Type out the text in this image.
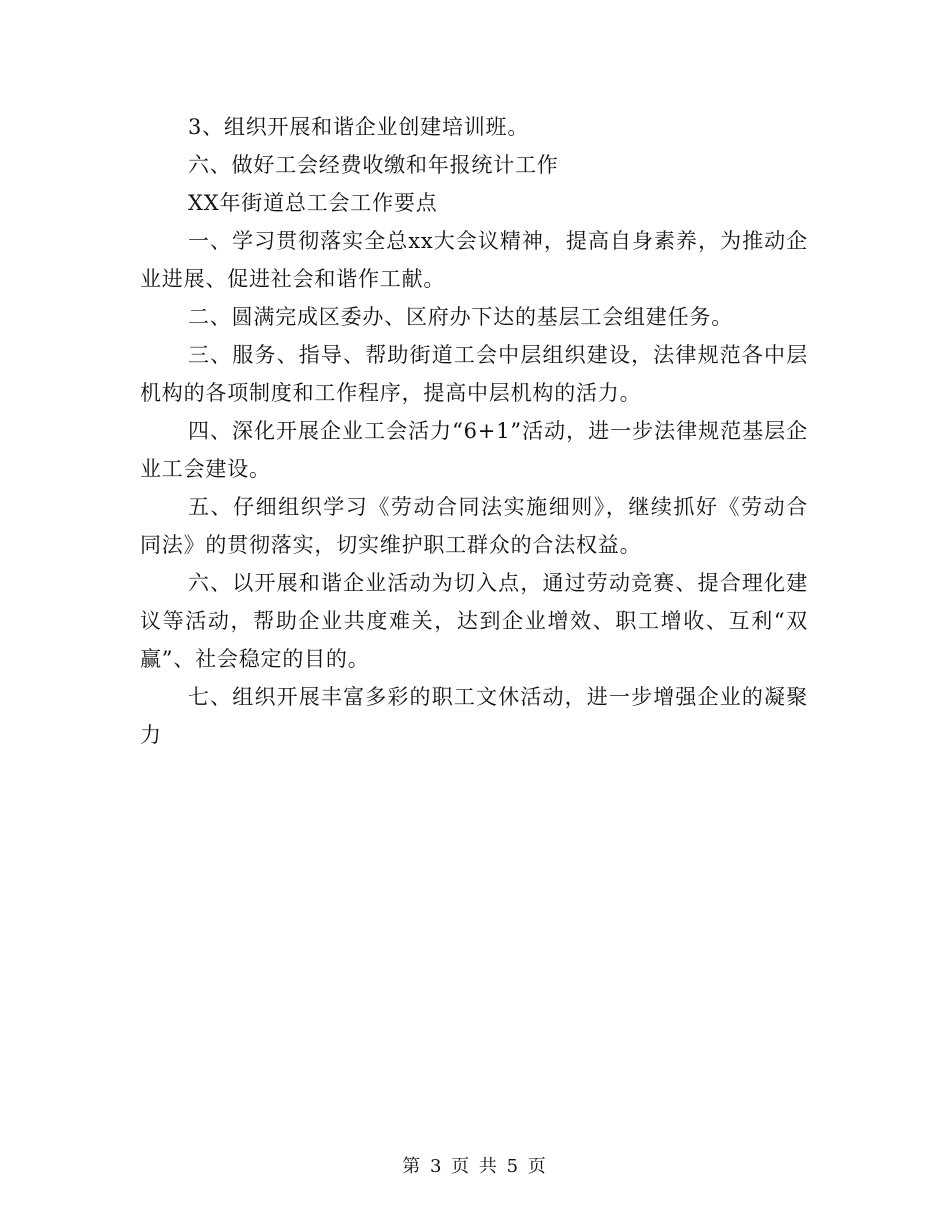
3、组织开展和谐企业创建培训班。

六、做好工会经费收缴和年报统计工作

XX年街道总工会工作要点

一、学习贯彻落实全总xx大会议精神，提高自身素养，为推动企业进展、促进社会和谐作工献。

二、圆满完成区委办、区府办下达的基层工会组建任务。

三、服务、指导、帮助街道工会中层组织建设，法律规范各中层机构的各项制度和工作程序，提高中层机构的活力。

四、深化开展企业工会活力“6+1”活动，进一步法律规范基层企业工会建设。

五、仔细组织学习《劳动合同法实施细则》，继续抓好《劳动合同法》的贯彻落实，切实维护职工群众的合法权益。

六、以开展和谐企业活动为切入点，通过劳动竞赛、提合理化建议等活动，帮助企业共度难关，达到企业增效、职工增收、互利“双赢”、社会稳定的目的。

七、组织开展丰富多彩的职工文休活动，进一步增强企业的凝聚力

第 3 页 共 5 页
